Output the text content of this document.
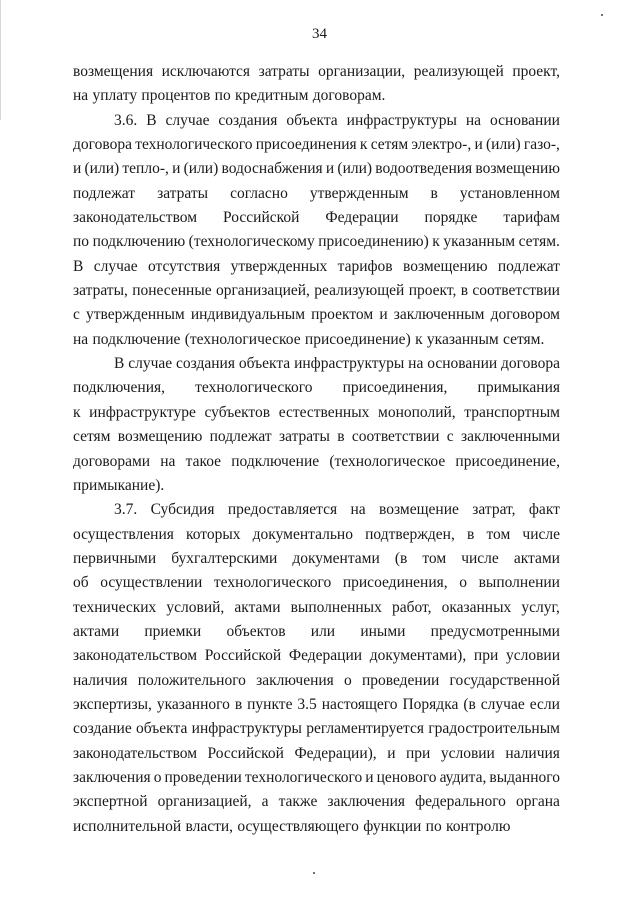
34
возмещения исключаются затраты организации, реализующей проект,
на уплату процентов по кредитным договорам.
3.6. В случае создания объекта инфраструктуры на основании
договора технологического присоединения к сетям электро-, и (или) газо-,
и (или) тепло-, и (или) водоснабжения и (или) водоотведения возмещению
подлежат затраты согласно утвержденным в установленном
законодательством Российской Федерации порядке тарифам
по подключению (технологическому присоединению) к указанным сетям.
В случае отсутствия утвержденных тарифов возмещению подлежат
затраты, понесенные организацией, реализующей проект, в соответствии
с утвержденным индивидуальным проектом и заключенным договором
на подключение (технологическое присоединение) к указанным сетям.
В случае создания объекта инфраструктуры на основании договора
подключения, технологического присоединения, примыкания
к инфраструктуре субъектов естественных монополий, транспортным
сетям возмещению подлежат затраты в соответствии с заключенными
договорами на такое подключение (технологическое присоединение,
примыкание).
3.7. Субсидия предоставляется на возмещение затрат, факт
осуществления которых документально подтвержден, в том числе
первичными бухгалтерскими документами (в том числе актами
об осуществлении технологического присоединения, о выполнении
технических условий, актами выполненных работ, оказанных услуг,
актами приемки объектов или иными предусмотренными
законодательством Российской Федерации документами), при условии
наличия положительного заключения о проведении государственной
экспертизы, указанного в пункте 3.5 настоящего Порядка (в случае если
создание объекта инфраструктуры регламентируется градостроительным
законодательством Российской Федерации), и при условии наличия
заключения о проведении технологического и ценового аудита, выданного
экспертной организацией, а также заключения федерального органа
исполнительной власти, осуществляющего функции по контролю
